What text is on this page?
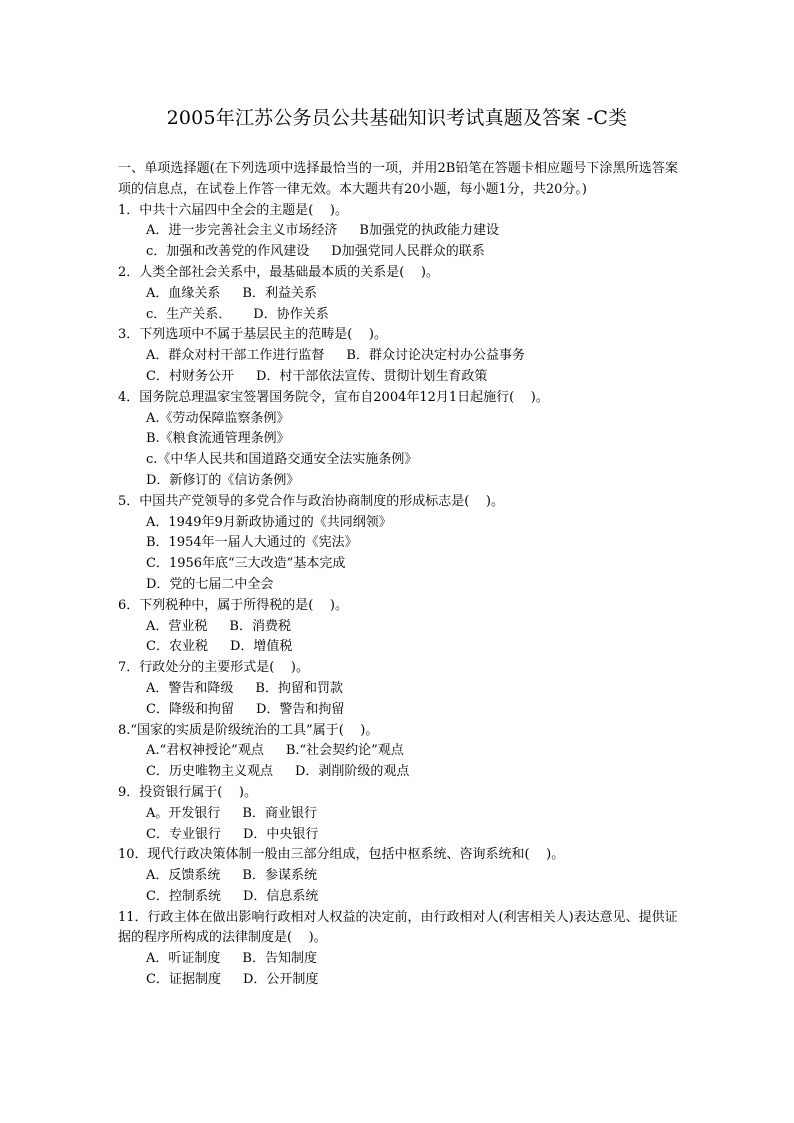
2005年江苏公务员公共基础知识考试真题及答案 -C类

一、单项选择题(在下列选项中选择最恰当的一项，并用2B铅笔在答题卡相应题号下涂黑所选答案项的信息点，在试卷上作答一律无效。本大题共有20小题，每小题1分，共20分。)

1．中共十六届四中全会的主题是(    )。
A．进一步完善社会主义市场经济 B加强党的执政能力建设
c．加强和改善党的作风建设 D加强党同人民群众的联系
2．人类全部社会关系中，最基础最本质的关系是(    )。
A．血缘关系 B．利益关系
c．生产关系． D．协作关系
3．下列选项中不属于基层民主的范畴是(    )。
A．群众对村干部工作进行监督 B．群众讨论决定村办公益事务
C．村财务公开 D．村干部依法宣传、贯彻计划生育政策
4．国务院总理温家宝签署国务院令，宣布自2004年12月1日起施行(    )。
A.《劳动保障监察条例》
B.《粮食流通管理条例》
c.《中华人民共和国道路交通安全法实施条例》
D．新修订的《信访条例》
5．中国共产党领导的多党合作与政治协商制度的形成标志是(    )。
A．1949年9月新政协通过的《共同纲领》
B．1954年一届人大通过的《宪法》
C．1956年底“三大改造”基本完成
D．党的七届二中全会
6．下列税种中，属于所得税的是(    )。
A．营业税 B．消费税
C．农业税 D．增值税
7．行政处分的主要形式是(    )。
A．警告和降级 B．拘留和罚款
C．降级和拘留 D．警告和拘留
8.“国家的实质是阶级统治的工具”属于(    )。
A.“君权神授论”观点 B.“社会契约论”观点
C．历史唯物主义观点 D．剥削阶级的观点
9．投资银行属于(    )。
A。开发银行 B．商业银行
C．专业银行 D．中央银行
10．现代行政决策体制一般由三部分组成，包括中枢系统、咨询系统和(    )。
A．反馈系统 B．参谋系统
C．控制系统 D．信息系统
11．行政主体在做出影响行政相对人权益的决定前，由行政相对人(利害相关人)表达意见、提供证据的程序所构成的法律制度是(    )。
A．听证制度 B．告知制度
C．证据制度 D．公开制度
